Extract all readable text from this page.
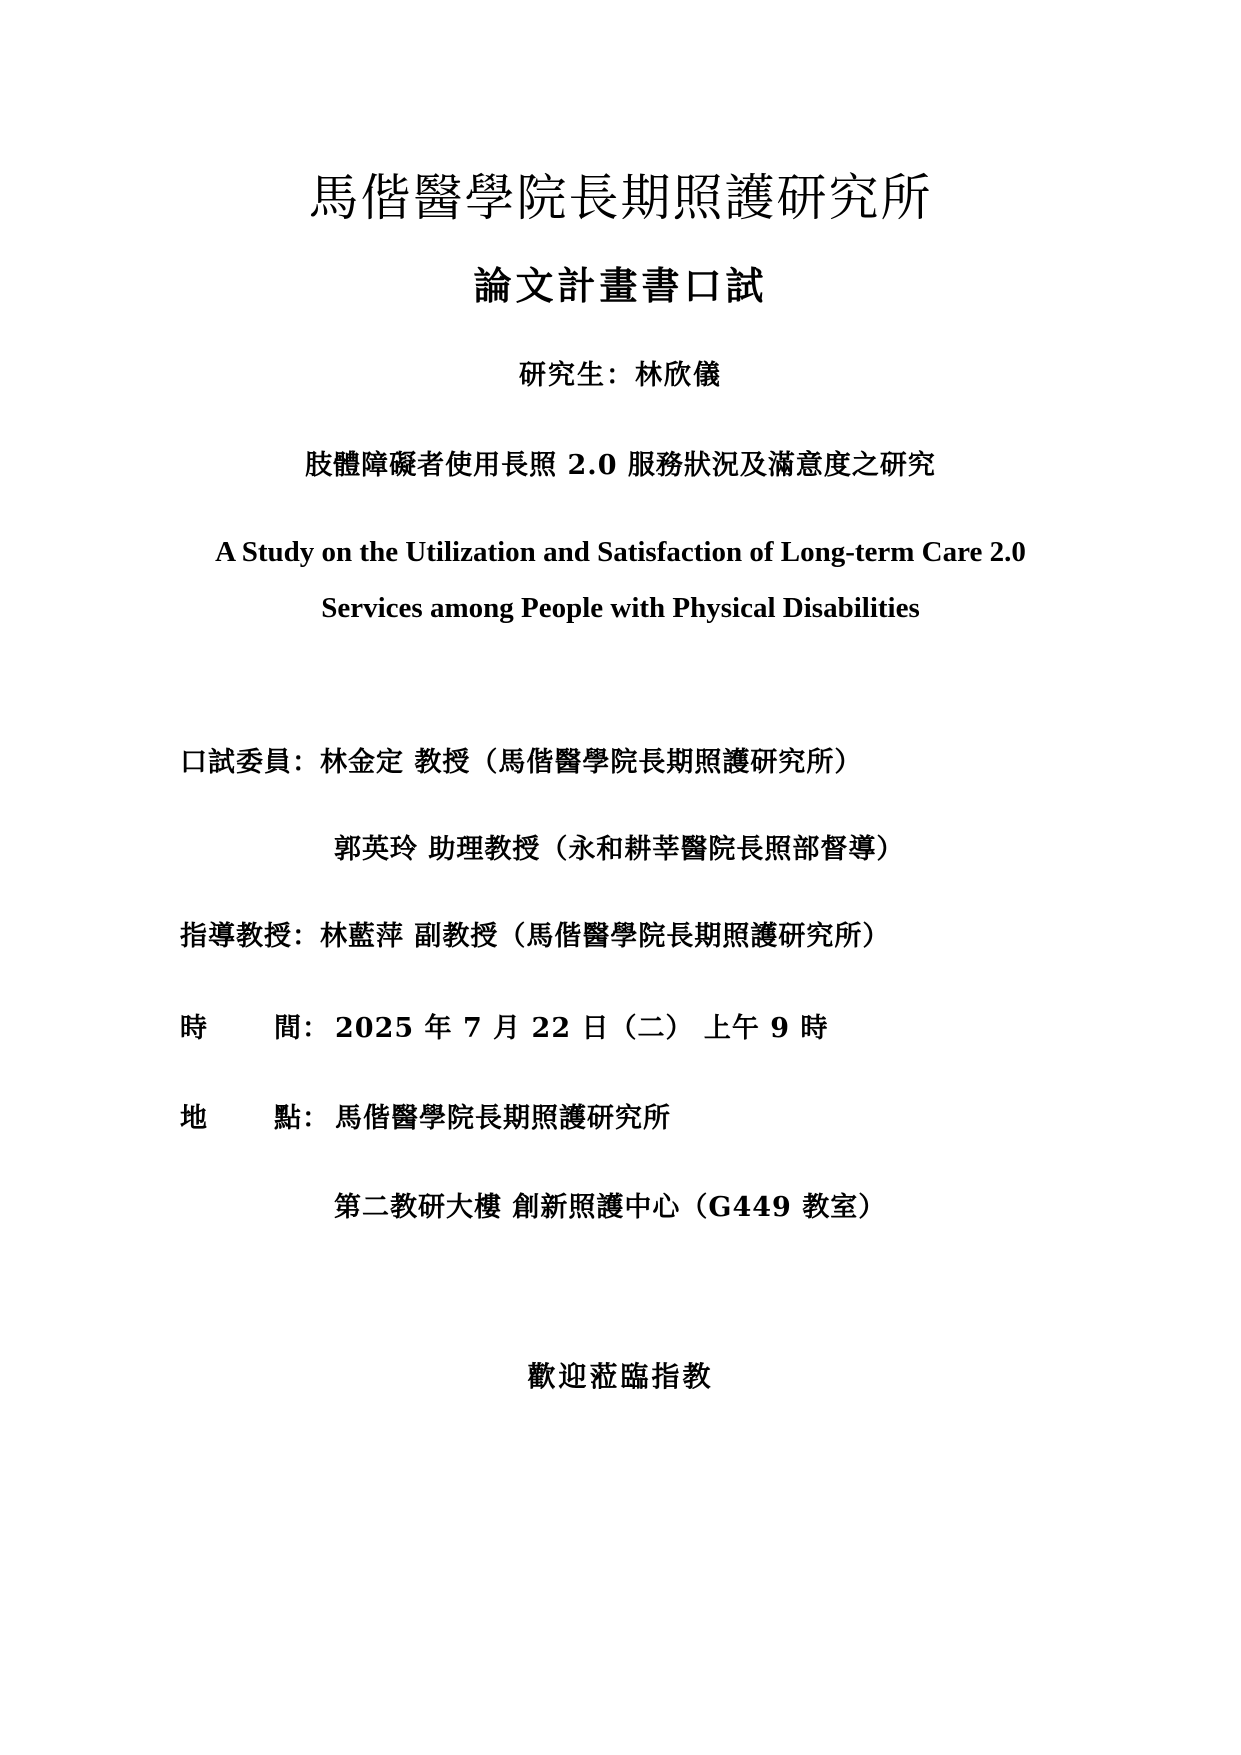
馬偕醫學院長期照護研究所
論文計畫書口試
研究生：林欣儀
肢體障礙者使用長照 2.0 服務狀況及滿意度之研究
A Study on the Utilization and Satisfaction of Long-term Care 2.0
Services among People with Physical Disabilities
口試委員：林金定 教授（馬偕醫學院長期照護研究所）
郭英玲 助理教授（永和耕莘醫院長照部督導）
指導教授：林藍萍 副教授（馬偕醫學院長期照護研究所）
時 間： 2025 年 7 月 22 日（二） 上午 9 時
地 點： 馬偕醫學院長期照護研究所
第二教研大樓 創新照護中心（G449 教室）
歡迎蒞臨指教
